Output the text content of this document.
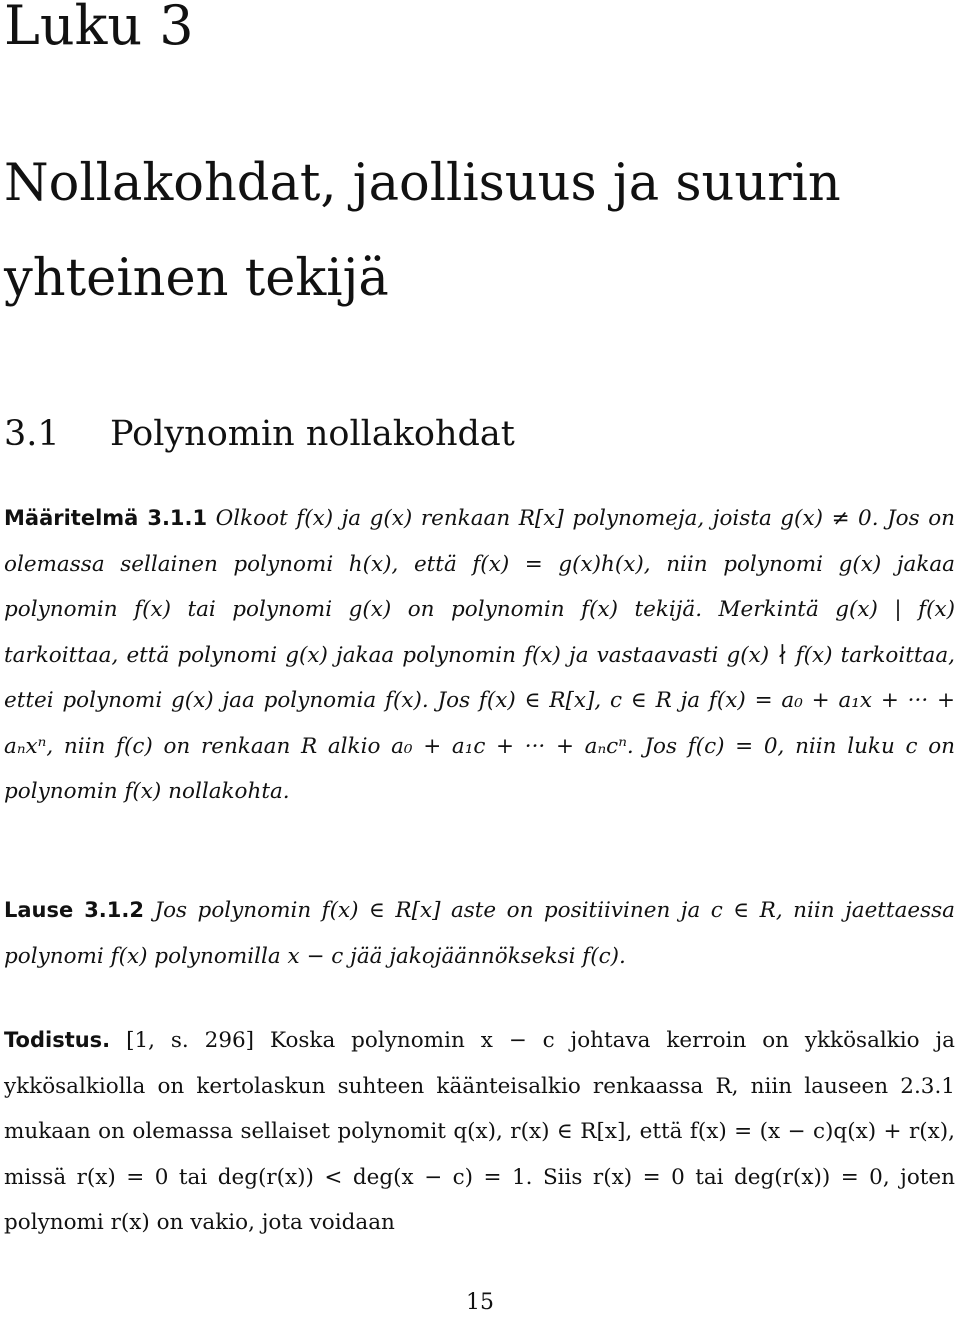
Luku 3
Nollakohdat, jaollisuus ja suurin yhteinen tekijä
3.1 Polynomin nollakohdat

Määritelmä 3.1.1 Olkoot f(x) ja g(x) renkaan R[x] polynomeja, joista g(x) ≠ 0. Jos on olemassa sellainen polynomi h(x), että f(x) = g(x)h(x), niin polynomi g(x) jakaa polynomin f(x) tai polynomi g(x) on polynomin f(x) tekijä. Merkintä g(x) | f(x) tarkoittaa, että polynomi g(x) jakaa polynomin f(x) ja vastaavasti g(x) ∤ f(x) tarkoittaa, ettei polynomi g(x) jaa polynomia f(x). Jos f(x) ∈ R[x], c ∈ R ja f(x) = a₀ + a₁x + ··· + aₙxⁿ, niin f(c) on renkaan R alkio a₀ + a₁c + ··· + aₙcⁿ. Jos f(c) = 0, niin luku c on polynomin f(x) nollakohta.

Lause 3.1.2 Jos polynomin f(x) ∈ R[x] aste on positiivinen ja c ∈ R, niin jaettaessa polynomi f(x) polynomilla x − c jää jakojäännökseksi f(c).

Todistus. [1, s. 296] Koska polynomin x − c johtava kerroin on ykkösalkio ja ykkösalkiolla on kertolaskun suhteen käänteisalkio renkaassa R, niin lauseen 2.3.1 mukaan on olemassa sellaiset polynomit q(x), r(x) ∈ R[x], että f(x) = (x − c)q(x) + r(x), missä r(x) = 0 tai deg(r(x)) < deg(x − c) = 1. Siis r(x) = 0 tai deg(r(x)) = 0, joten polynomi r(x) on vakio, jota voidaan

15
